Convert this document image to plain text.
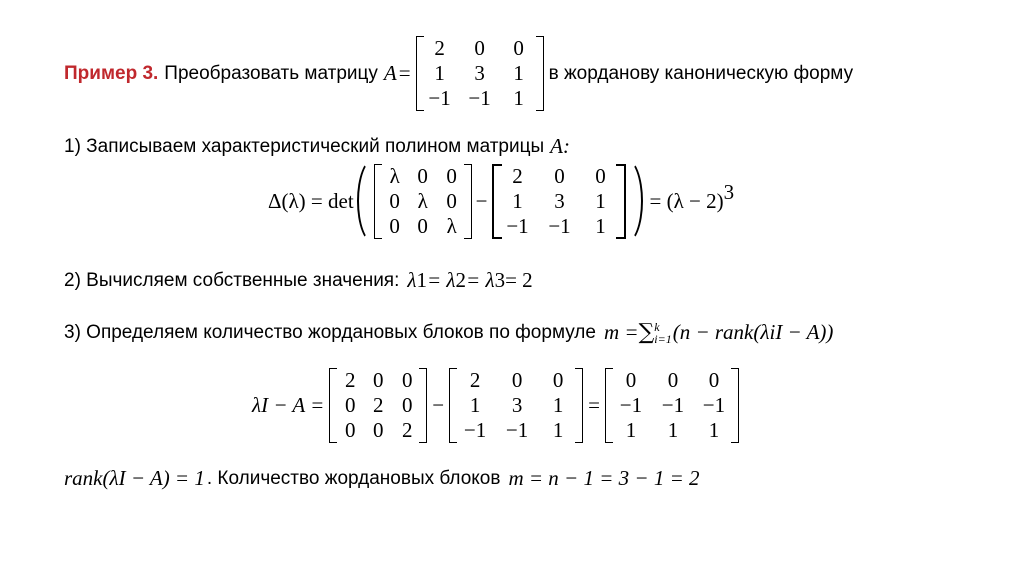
Пример 3. Преобразовать матрицу A =
2	0	0
1	3	1
−1 −1	1
в жорданову каноническую форму
1) Записываем характеристический полином матрицы A:
Δ(λ) = det
λ 0 0
0 λ 0
0 0 λ
−
2	0	0
1	3	1
−1 −1	1
= (λ − 2) 3
2) Вычисляем собственные значения: λ 1 = λ 2 = λ 3 = 2
3) Определяем количество жордановых блоков по формуле m = ∑ k
i=1 (n − rank(λ i I − A))
λI − A =
2 0 0
0 2 0
0 0 2
−
2	0	0
1	3	1
−1 −1	1
=
0	0	0
−1 −1 −1
1	1	1
rank(λI − A) = 1 . Количество жордановых блоков m = n − 1 = 3 − 1 = 2
